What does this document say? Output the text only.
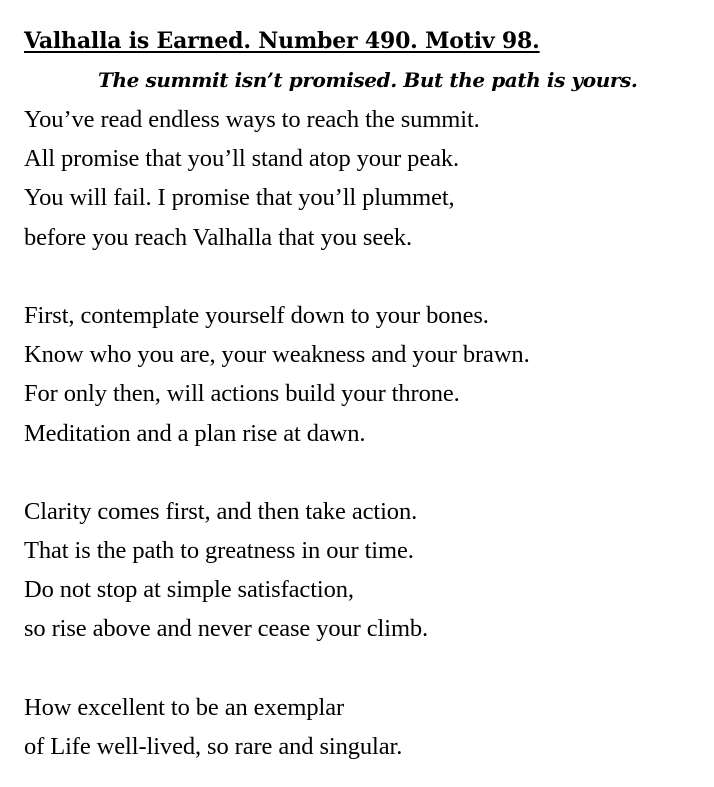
Valhalla is Earned. Number 490. Motiv 98.

The summit isn’t promised. But the path is yours.

You’ve read endless ways to reach the summit.
All promise that you’ll stand atop your peak.
You will fail. I promise that you’ll plummet,
before you reach Valhalla that you seek.
First, contemplate yourself down to your bones.
Know who you are, your weakness and your brawn.
For only then, will actions build your throne.
Meditation and a plan rise at dawn.
Clarity comes first, and then take action.
That is the path to greatness in our time.
Do not stop at simple satisfaction,
so rise above and never cease your climb.
How excellent to be an exemplar
of Life well-lived, so rare and singular.
